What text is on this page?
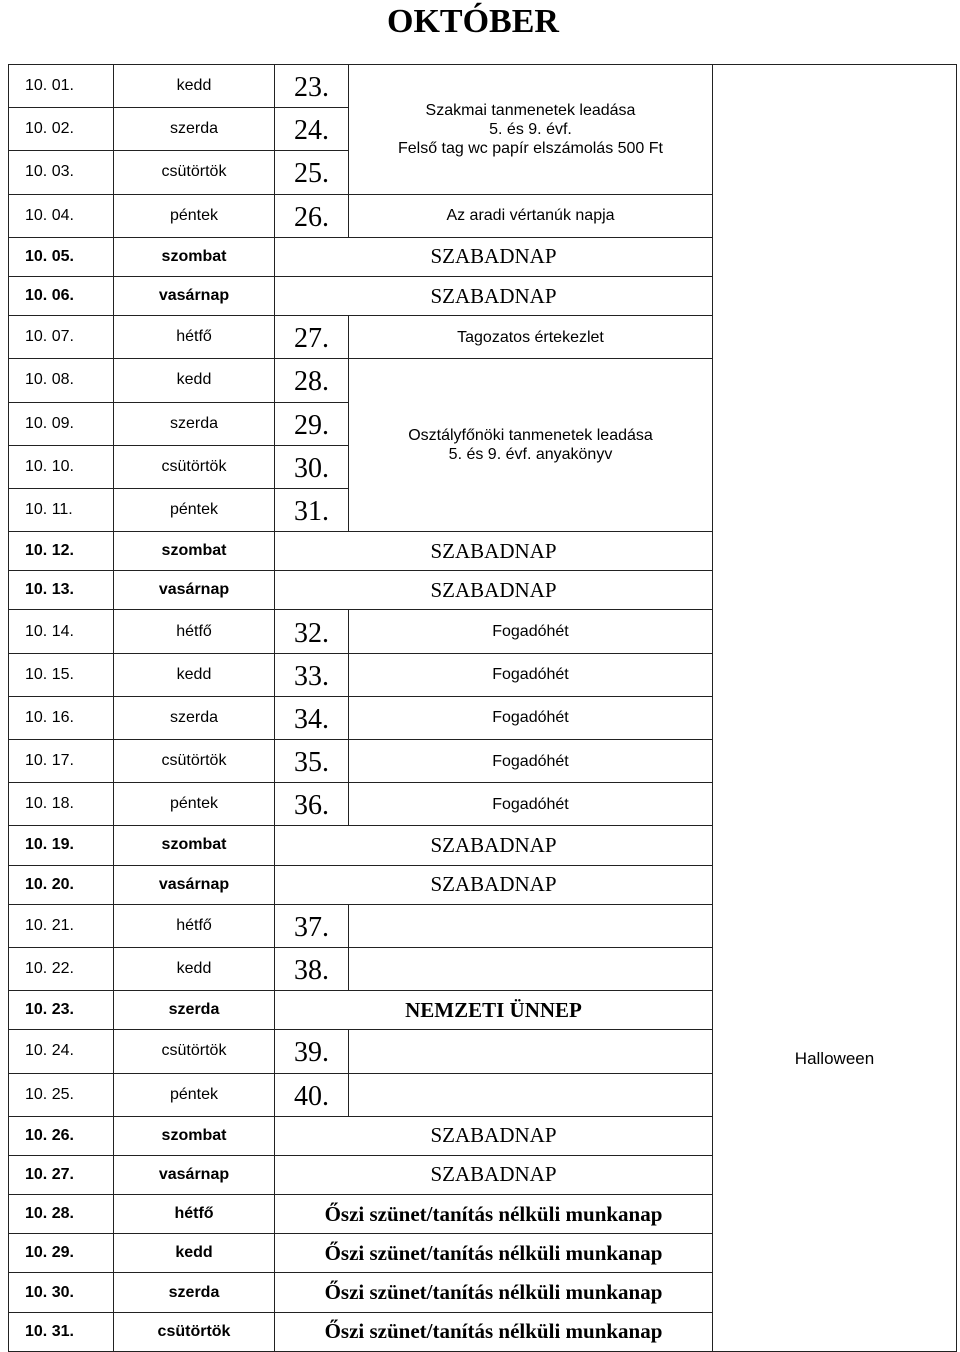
OKTÓBER
10. 01.	kedd	23.	Szakmai tanmenetek leadása
5. és 9. évf.
Felső tag wc papír elszámolás 500 Ft	Halloween

10. 02.	szerda	24.		
10. 03.	csütörtök	25.		
10. 04.	péntek	26.	Az aradi vértanúk napja	
10. 05.	szombat	SZABADNAP		
10. 06.	vasárnap	SZABADNAP		
10. 07.	hétfő	27.	Tagozatos értekezlet	
10. 08.	kedd	28.	Osztályfőnöki tanmenetek leadása
5. és 9. évf. anyakönyv	
10. 09.	szerda	29.		
10. 10.	csütörtök	30.		
10. 11.	péntek	31.		
10. 12.	szombat	SZABADNAP		
10. 13.	vasárnap	SZABADNAP		
10. 14.	hétfő	32.	Fogadóhét	
10. 15.	kedd	33.	Fogadóhét	
10. 16.	szerda	34.	Fogadóhét	
10. 17.	csütörtök	35.	Fogadóhét	
10. 18.	péntek	36.	Fogadóhét	
10. 19.	szombat	SZABADNAP		
10. 20.	vasárnap	SZABADNAP		
10. 21.	hétfő	37.		
10. 22.	kedd	38.		
10. 23.	szerda	NEMZETI ÜNNEP		
10. 24.	csütörtök	39.		
10. 25.	péntek	40.		
10. 26.	szombat	SZABADNAP		
10. 27.	vasárnap	SZABADNAP		
10. 28.	hétfő	Őszi szünet/tanítás nélküli munkanap		
10. 29.	kedd	Őszi szünet/tanítás nélküli munkanap		
10. 30.	szerda	Őszi szünet/tanítás nélküli munkanap		
10. 31.	csütörtök	Őszi szünet/tanítás nélküli munkanap		
